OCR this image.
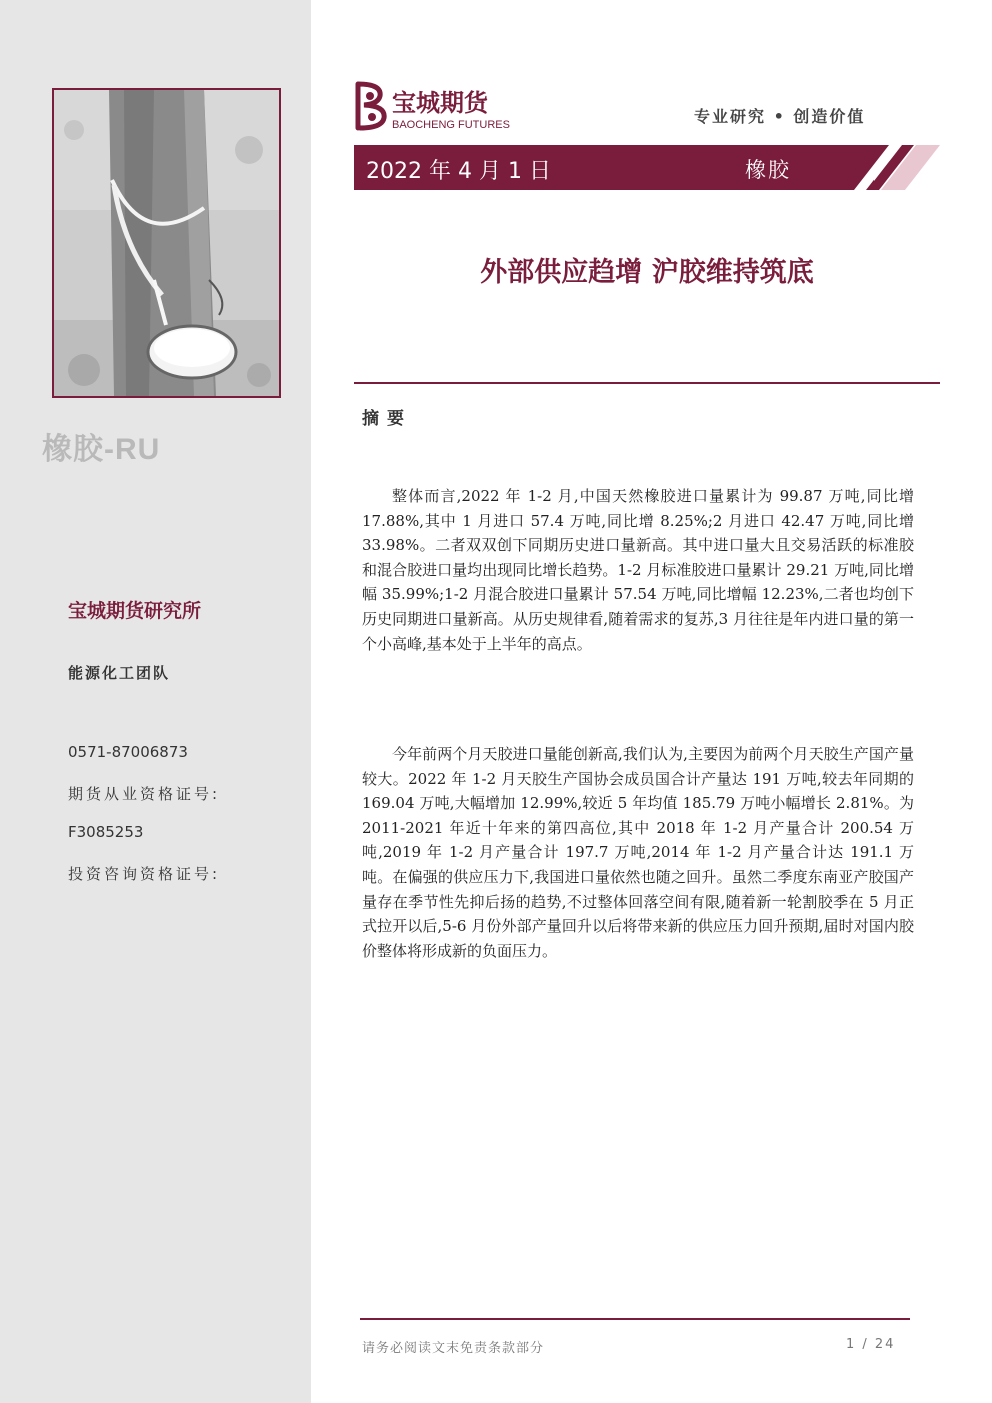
橡胶-RU
宝城期货研究所
能源化工团队
0571-87006873
期货从业资格证号:
F3085253
投资咨询资格证号:
宝城期货
BAOCHENG FUTURES	专业研究 • 创造价值
2022 年 4 月 1 日	橡胶
外部供应趋增 沪胶维持筑底
摘要

整体而言,2022 年 1-2 月,中国天然橡胶进口量累计为 99.87 万吨,同比增 17.88%,其中 1 月进口 57.4 万吨,同比增 8.25%;2 月进口 42.47 万吨,同比增 33.98%。二者双双创下同期历史进口量新高。其中进口量大且交易活跃的标准胶和混合胶进口量均出现同比增长趋势。1-2 月标准胶进口量累计 29.21 万吨,同比增幅 35.99%;1-2 月混合胶进口量累计 57.54 万吨,同比增幅 12.23%,二者也均创下历史同期进口量新高。从历史规律看,随着需求的复苏,3 月往往是年内进口量的第一个小高峰,基本处于上半年的高点。

今年前两个月天胶进口量能创新高,我们认为,主要因为前两个月天胶生产国产量较大。2022 年 1-2 月天胶生产国协会成员国合计产量达 191 万吨,较去年同期的 169.04 万吨,大幅增加 12.99%,较近 5 年均值 185.79 万吨小幅增长 2.81%。为 2011-2021 年近十年来的第四高位,其中 2018 年 1-2 月产量合计 200.54 万吨,2019 年 1-2 月产量合计 197.7 万吨,2014 年 1-2 月产量合计达 191.1 万吨。在偏强的供应压力下,我国进口量依然也随之回升。虽然二季度东南亚产胶国产量存在季节性先抑后扬的趋势,不过整体回落空间有限,随着新一轮割胶季在 5 月正式拉开以后,5-6 月份外部产量回升以后将带来新的供应压力回升预期,届时对国内胶价整体将形成新的负面压力。

请务必阅读文末免责条款部分	1 / 24
